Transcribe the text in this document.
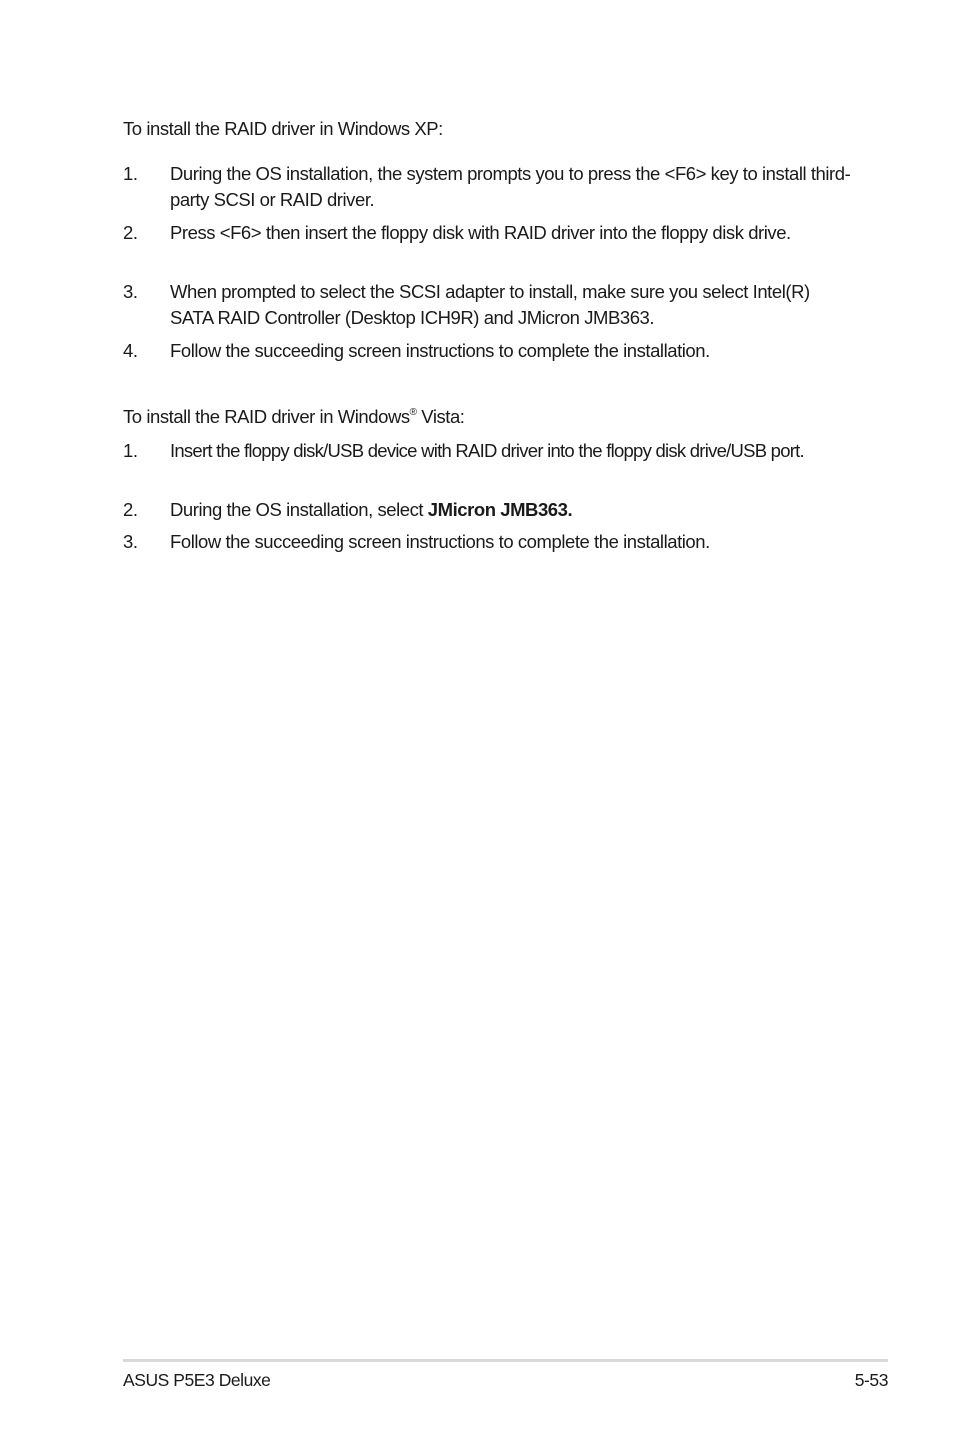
To install the RAID driver in Windows XP:
1. During the OS installation, the system prompts you to press the <F6> key to install third-party SCSI or RAID driver.
2. Press <F6> then insert the floppy disk with RAID driver into the floppy disk drive.
3. When prompted to select the SCSI adapter to install, make sure you select Intel(R) SATA RAID Controller (Desktop ICH9R) and JMicron JMB363.
4. Follow the succeeding screen instructions to complete the installation.
To install the RAID driver in Windows® Vista:
1. Insert the floppy disk/USB device with RAID driver into the floppy disk drive/USB port.
2. During the OS installation, select JMicron JMB363.
3. Follow the succeeding screen instructions to complete the installation.
ASUS P5E3 Deluxe	5-53
